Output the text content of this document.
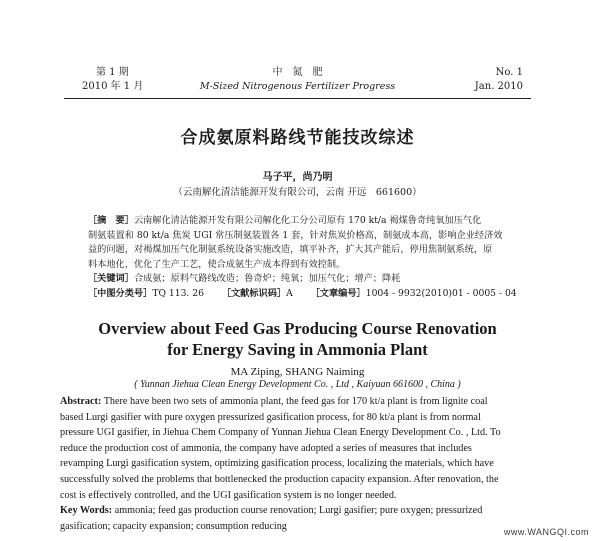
第 1 期
2010 年 1 月
中　氮　肥
M-Sized Nitrogenous Fertilizer Progress
No. 1
Jan. 2010
合成氨原料路线节能技改综述
马子平，尚乃明
（云南解化清洁能源开发有限公司，云南 开远　661600）
［摘　要］云南解化清洁能源开发有限公司解化化工分公司原有 170 kt/a 褐煤鲁奇纯氧加压气化
制氨装置和 80 kt/a 焦炭 UGI 常压制氨装置各 1 套，针对焦炭价格高，制氨成本高，影响企业经济效
益的问题，对褐煤加压气化制氨系统设备实施改造，填平补齐，扩大其产能后，停用焦制氨系统，原
料本地化，优化了生产工艺，使合成氨生产成本得到有效控制。
［关键词］合成氨；原料气路线改造；鲁奇炉；纯氧；加压气化；增产；降耗
［中图分类号］TQ 113. 26 ［文献标识码］A ［文章编号］1004 - 9932(2010)01 - 0005 - 04
Overview about Feed Gas Producing Course Renovation
for Energy Saving in Ammonia Plant
MA Ziping, SHANG Naiming
( Yunnan Jiehua Clean Energy Development Co. , Ltd , Kaiyuan 661600 , China )
Abstract: There have been two sets of ammonia plant, the feed gas for 170 kt/a plant is from lignite coal
based Lurgi gasifier with pure oxygen pressurized gasification process, for 80 kt/a plant is from normal
pressure UGI gasifier, in Jiehua Chem Company of Yunnan Jiehua Clean Energy Development Co. , Ltd. To
reduce the production cost of ammonia, the company have adopted a series of measures that includes
revamping Lurgi gasification system, optimizing gasification process, localizing the materials, which have
successfully solved the problems that bottlenecked the production capacity expansion. After renovation, the
cost is effectively controlled, and the UGI gasification system is no longer needed.
Key Words: ammonia; feed gas production course renovation; Lurgi gasifier; pure oxygen; pressurized
gasification; capacity expansion; consumption reducing
www.WANGQI.com
